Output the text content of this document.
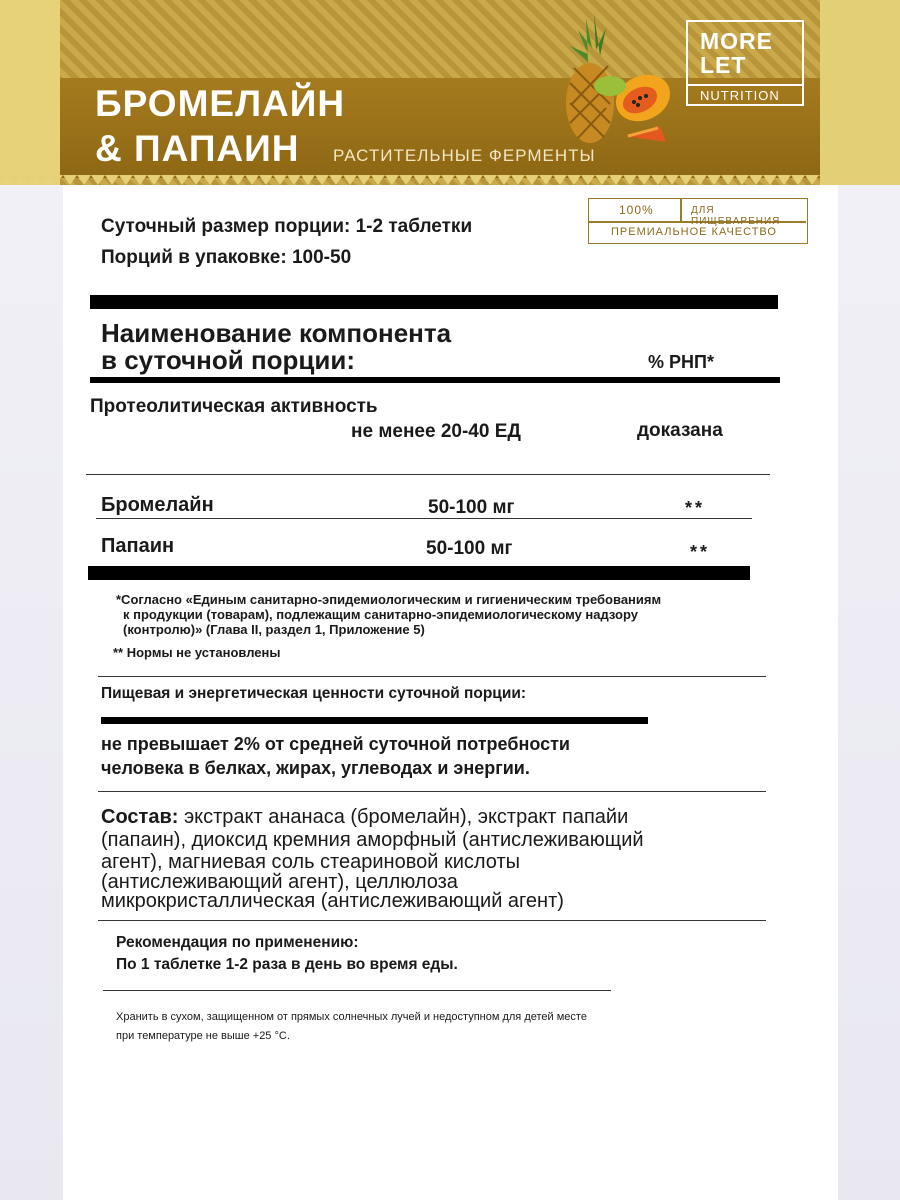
БРОМЕЛАЙН
& ПАПАИН РАСТИТЕЛЬНЫЕ ФЕРМЕНТЫ
MORE
LET
NUTRITION
100%	ДЛЯ ПИЩЕВАРЕНИЯ
ПРЕМИАЛЬНОЕ КАЧЕСТВО
Суточный размер порции: 1-2 таблетки
Порций в упаковке: 100-50
Наименование компонента
в суточной порции:	% РНП*
Протеолитическая активность
не менее 20-40 ЕД	доказана
Бромелайн	50-100 мг	**
Папаин	50-100 мг	**
*Согласно «Единым санитарно-эпидемиологическим и гигиеническим требованиям
к продукции (товарам), подлежащим санитарно-эпидемиологическому надзору
(контролю)» (Глава II, раздел 1, Приложение 5)
** Нормы не установлены
Пищевая и энергетическая ценности суточной порции:
не превышает 2% от средней суточной потребности
человека в белках, жирах, углеводах и энергии.
Состав: экстракт ананаса (бромелайн), экстракт папайи
(папаин), диоксид кремния аморфный (антислеживающий
агент), магниевая соль стеариновой кислоты
(антислеживающий агент), целлюлоза
микрокристаллическая (антислеживающий агент)
Рекомендация по применению:
По 1 таблетке 1-2 раза в день во время еды.
Хранить в сухом, защищенном от прямых солнечных лучей и недоступном для детей месте
при температуре не выше +25 °С.
